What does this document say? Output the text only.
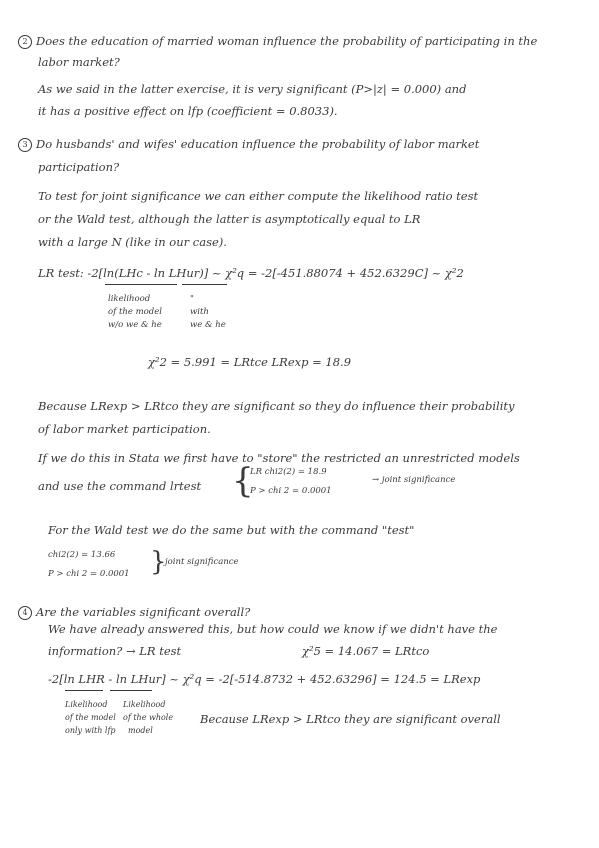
2 Does the education of married woman influence the probability of participating in the
labor market?
As we said in the latter exercise, it is very significant (P>|z| = 0.000) and
it has a positive effect on lfp (coefficient = 0.8033).
3 Do husbands' and wifes' education influence the probability of labor market
participation?
To test for joint significance we can either compute the likelihood ratio test
or the Wald test, although the latter is asymptotically equal to LR
with a large N (like in our case).
LR test: -2[ln(LHc - ln LHur)] ~ χ²q = -2[-451.88074 + 452.6329C] ~ χ²2
likelihood	"
of the model	with
w/o we & he	we & he
χ²2 = 5.991 = LRtce LRexp = 18.9
Because LRexp > LRtco they are significant so they do influence their probability
of labor market participation.
If we do this in Stata we first have to "store" the restricted an unrestricted models
and use the command lrtest {
LR chi2(2) = 18.9
P > chi 2 = 0.0001
→ joint significance
For the Wald test we do the same but with the command "test"
chi2(2) = 13.66
P > chi 2 = 0.0001 }
joint significance
4 Are the variables significant overall?
We have already answered this, but how could we know if we didn't have the
information? → LR test	χ²5 = 14.067 = LRtco
-2[ln LHR - ln LHur] ~ χ²q = -2[-514.8732 + 452.63296] = 124.5 = LRexp
Likelihood Likelihood
of the model of the whole
only with lfp model
Because LRexp > LRtco they are significant overall
